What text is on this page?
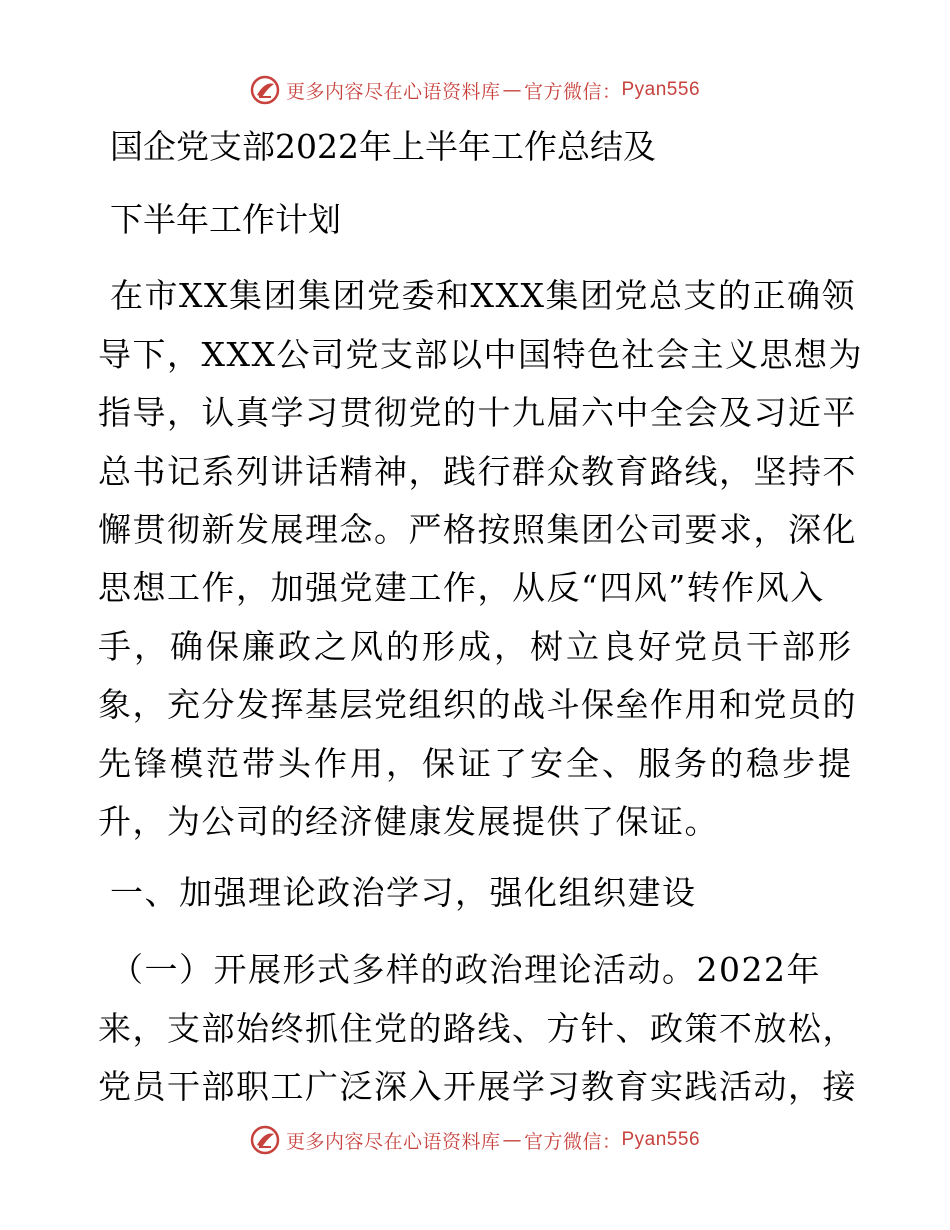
更多内容尽在心语资料库 — 官方微信： Pyan556
国企党支部2022年上半年工作总结及
下半年工作计划
在市XX集团集团党委和XXX集团党总支的正确领
导下，XXX公司党支部以中国特色社会主义思想为
指导，认真学习贯彻党的十九届六中全会及习近平
总书记系列讲话精神，践行群众教育路线，坚持不
懈贯彻新发展理念。严格按照集团公司要求，深化
思想工作，加强党建工作，从反“四风”转作风入
手，确保廉政之风的形成，树立良好党员干部形
象，充分发挥基层党组织的战斗保垒作用和党员的
先锋模范带头作用，保证了安全、服务的稳步提
升，为公司的经济健康发展提供了保证。
一、加强理论政治学习，强化组织建设
（一）开展形式多样的政治理论活动。2022年
来，支部始终抓住党的路线、方针、政策不放松，
党员干部职工广泛深入开展学习教育实践活动，接
更多内容尽在心语资料库 — 官方微信： Pyan556
